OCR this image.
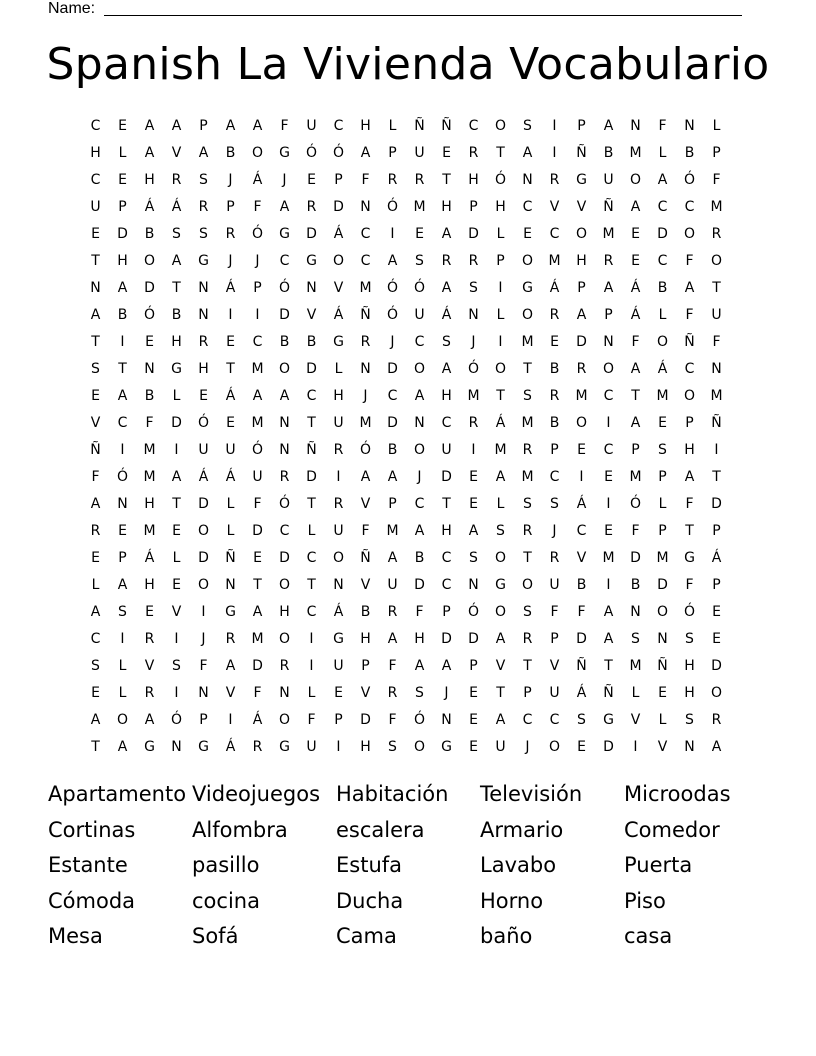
Name:
Spanish La Vivienda Vocabulario
C	E	A	A	P	A	A	F	U	C	H	L	Ñ	Ñ	C	O	S	I	P	A	N	F	N	L
H	L	A	V	A	B	O	G	Ó	Ó	A	P	U	E	R	T	A	I	Ñ	B	M	L	B	P
C	E	H	R	S	J	Á	J	E	P	F	R	R	T	H	Ó	N	R	G	U	O	A	Ó	F
U	P	Á	Á	R	P	F	A	R	D	N	Ó	M	H	P	H	C	V	V	Ñ	A	C	C	M
E	D	B	S	S	R	Ó	G	D	Á	C	I	E	A	D	L	E	C	O	M	E	D	O	R
T	H	O	A	G	J	J	C	G	O	C	A	S	R	R	P	O	M	H	R	E	C	F	O
N	A	D	T	N	Á	P	Ó	N	V	M	Ó	Ó	A	S	I	G	Á	P	A	Á	B	A	T
A	B	Ó	B	N	I	I	D	V	Á	Ñ	Ó	U	Á	N	L	O	R	A	P	Á	L	F	U
T	I	E	H	R	E	C	B	B	G	R	J	C	S	J	I	M	E	D	N	F	O	Ñ	F
S	T	N	G	H	T	M	O	D	L	N	D	O	A	Ó	O	T	B	R	O	A	Á	C	N
E	A	B	L	E	Á	A	A	C	H	J	C	A	H	M	T	S	R	M	C	T	M	O	M
V	C	F	D	Ó	E	M	N	T	U	M	D	N	C	R	Á	M	B	O	I	A	E	P	Ñ
Ñ	I	M	I	U	U	Ó	N	Ñ	R	Ó	B	O	U	I	M	R	P	E	C	P	S	H	I
F	Ó	M	A	Á	Á	U	R	D	I	A	A	J	D	E	A	M	C	I	E	M	P	A	T
A	N	H	T	D	L	F	Ó	T	R	V	P	C	T	E	L	S	S	Á	I	Ó	L	F	D
R	E	M	E	O	L	D	C	L	U	F	M	A	H	A	S	R	J	C	E	F	P	T	P
E	P	Á	L	D	Ñ	E	D	C	O	Ñ	A	B	C	S	O	T	R	V	M	D	M	G	Á
L	A	H	E	O	N	T	O	T	N	V	U	D	C	N	G	O	U	B	I	B	D	F	P
A	S	E	V	I	G	A	H	C	Á	B	R	F	P	Ó	O	S	F	F	A	N	O	Ó	E
C	I	R	I	J	R	M	O	I	G	H	A	H	D	D	A	R	P	D	A	S	N	S	E
S	L	V	S	F	A	D	R	I	U	P	F	A	A	P	V	T	V	Ñ	T	M	Ñ	H	D
E	L	R	I	N	V	F	N	L	E	V	R	S	J	E	T	P	U	Á	Ñ	L	E	H	O
A	O	A	Ó	P	I	Á	O	F	P	D	F	Ó	N	E	A	C	C	S	G	V	L	S	R
T	A	G	N	G	Á	R	G	U	I	H	S	O	G	E	U	J	O	E	D	I	V	N	A
Apartamento Videojuegos Habitación Televisión Microodas
Cortinas	Alfombra escalera	Armario	Comedor
Estante	pasillo	Estufa	Lavabo	Puerta
Cómoda	cocina	Ducha	Horno	Piso
Mesa	Sofá	Cama	baño	casa
